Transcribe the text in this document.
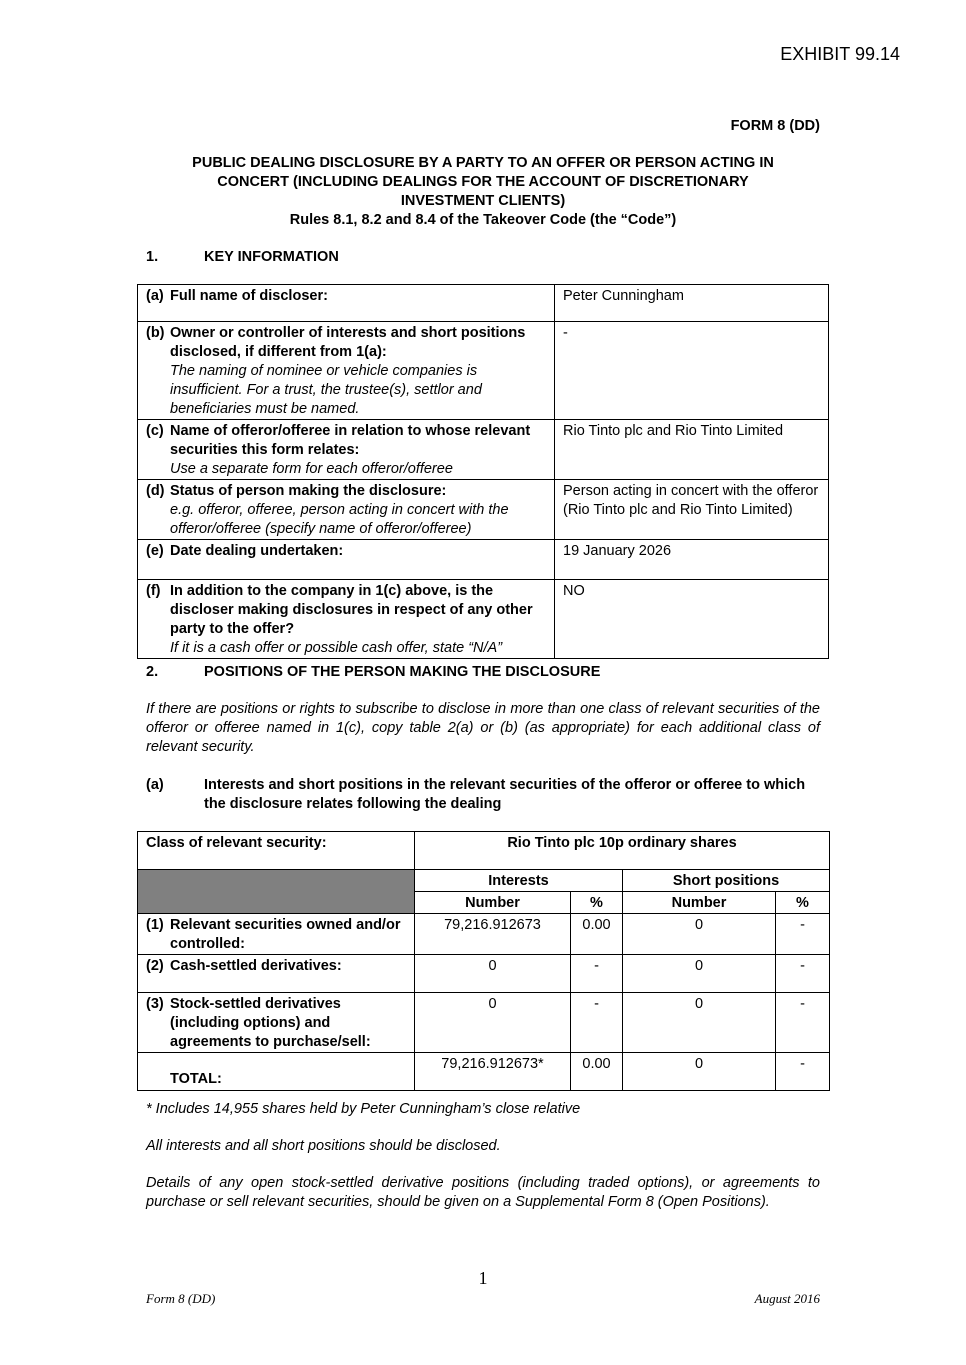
EXHIBIT 99.14
FORM 8 (DD)
PUBLIC DEALING DISCLOSURE BY A PARTY TO AN OFFER OR PERSON ACTING IN
CONCERT (INCLUDING DEALINGS FOR THE ACCOUNT OF DISCRETIONARY
INVESTMENT CLIENTS)
Rules 8.1, 8.2 and 8.4 of the Takeover Code (the “Code”)
1.	KEY INFORMATION
(a) Full name of discloser:	Peter Cunningham

(b) Owner or controller of interests and short positions disclosed, if different from 1(a):
The naming of nominee or vehicle companies is insufficient. For a trust, the trustee(s), settlor and beneficiaries must be named.	-

(c) Name of offeror/offeree in relation to whose relevant securities this form relates:
Use a separate form for each offeror/offeree	Rio Tinto plc and Rio Tinto Limited

(d) Status of person making the disclosure:
e.g. offeror, offeree, person acting in concert with the offeror/offeree (specify name of offeror/offeree)	Person acting in concert with the offeror (Rio Tinto plc and Rio Tinto Limited)

(e) Date dealing undertaken:	19 January 2026

(f) In addition to the company in 1(c) above, is the discloser making disclosures in respect of any other party to the offer?
If it is a cash offer or possible cash offer, state “N/A”	NO
2.	POSITIONS OF THE PERSON MAKING THE DISCLOSURE
If there are positions or rights to subscribe to disclose in more than one class of relevant securities of the offeror or offeree named in 1(c), copy table 2(a) or (b) (as appropriate) for each additional class of relevant security.
(a)	Interests and short positions in the relevant securities of the offeror or offeree to which the disclosure relates following the dealing
Class of relevant security:	Rio Tinto plc 10p ordinary shares			
	Interests		Short positions	
	Number	%	Number	%

(1) Relevant securities owned and/or controlled:	79,216.912673	0.00	0	-

(2) Cash-settled derivatives:	0	-	0	-

(3) Stock-settled derivatives (including options) and agreements to purchase/sell:	0	-	0	-
TOTAL:	79,216.912673*	0.00	0	-
* Includes 14,955 shares held by Peter Cunningham’s close relative
All interests and all short positions should be disclosed.
Details of any open stock-settled derivative positions (including traded options), or agreements to purchase or sell relevant securities, should be given on a Supplemental Form 8 (Open Positions).
1
Form 8 (DD)	August 2016
